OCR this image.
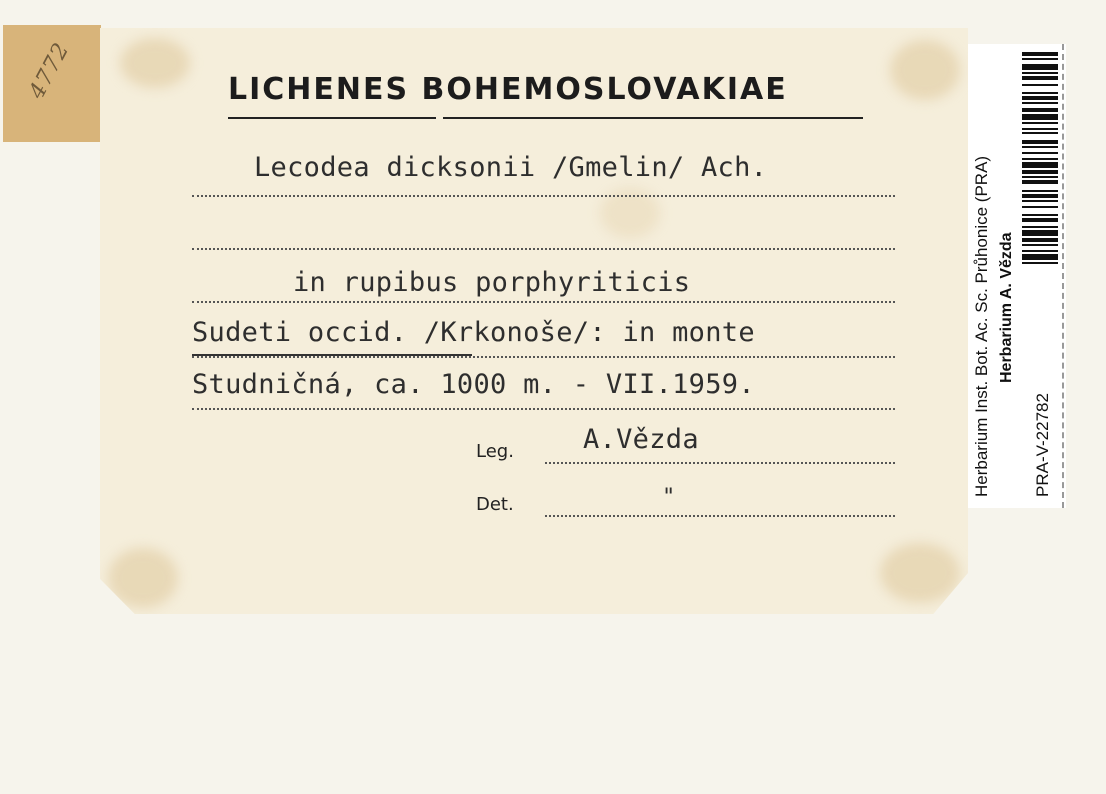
4772	LICHENES BOHEMOSLOVAKIAE
Lecodea dicksonii /Gmelin/ Ach.
in rupibus porphyriticis
Sudeti occid. /Krkonoše/: in monte
Studničná, ca. 1000 m. - VII.1959.
Leg.	A.Vězda
Det.	"
Herbarium Inst. Bot. Ac. Sc. Průhonice (PRA) Herbarium A. Vězda
PRA-V-22782
